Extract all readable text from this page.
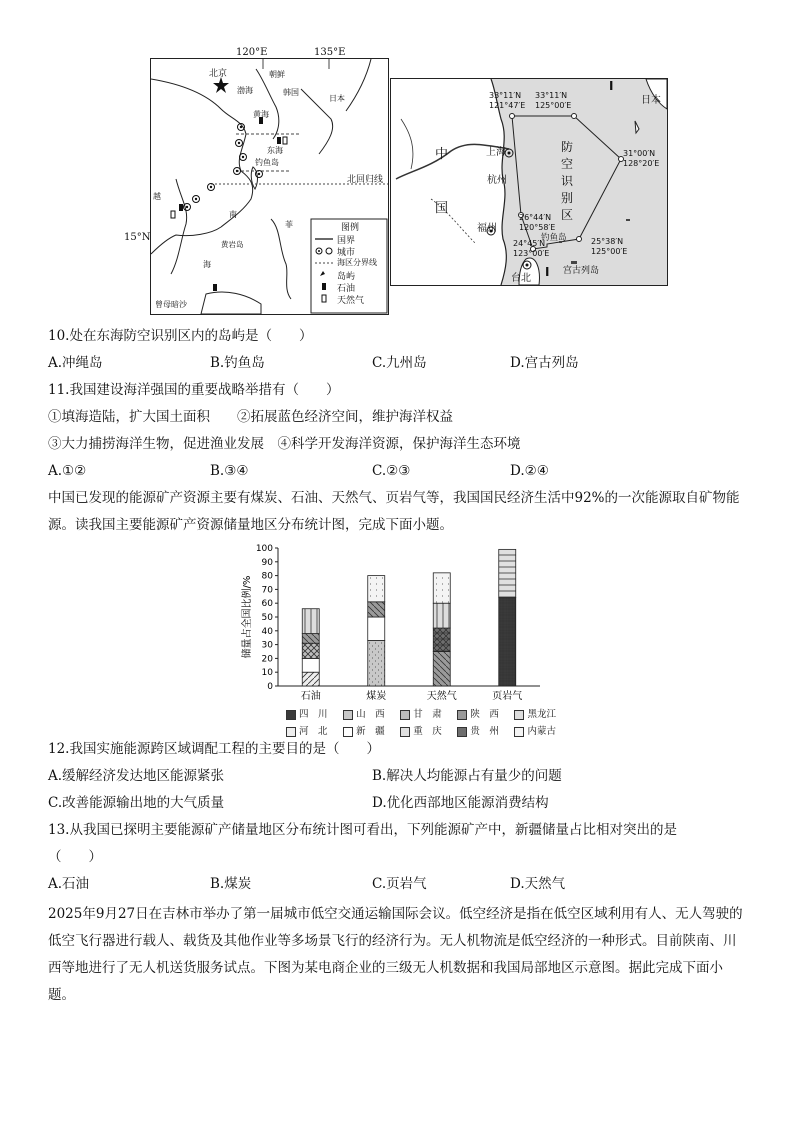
北京
北回归线
朝鲜
韩国
日本
黄海
东海
钓鱼岛
渤海
越
南
菲
黄岩岛
海
曾母暗沙
图例
国界
城市
海区分界线
岛屿
石油
天然气
120°E	135°E
15°N
中
国
上海
杭州
福州
台北
日本
防空识别区
钓鱼岛
宫古列岛
I
I
33°11′N 121°47′E
33°11′N 125°00′E
31°00′N 128°20′E
26°44′N 120°58′E
25°38′N 125°00′E
24°45′N 123°00′E
10.处在东海防空识别区内的岛屿是（　　）
A.冲绳岛	B.钓鱼岛	C.九州岛	D.宫古列岛
11.我国建设海洋强国的重要战略举措有（　　）
①填海造陆，扩大国土面积　　②拓展蓝色经济空间，维护海洋权益
③大力捕捞海洋生物，促进渔业发展　④科学开发海洋资源，保护海洋生态环境
A.①②	B.③④	C.②③	D.②④
中国已发现的能源矿产资源主要有煤炭、石油、天然气、页岩气等，我国国民经济生活中92%的一次能源取自矿物能源。读我国主要能源矿产资源储量地区分布统计图，完成下面小题。
0
10
20
30
40
50
60
70
80
90
100
储量占全国比例/%
石油	煤炭	天然气	页岩气
四　川	山　西	甘　肃	陕　西	黑龙江
河　北	新　疆	重　庆	贵　州	内蒙古
12.我国实施能源跨区域调配工程的主要目的是（　　）
A.缓解经济发达地区能源紧张	B.解决人均能源占有量少的问题
C.改善能源输出地的大气质量	D.优化西部地区能源消费结构
13.从我国已探明主要能源矿产储量地区分布统计图可看出，下列能源矿产中，新疆储量占比相对突出的是
（　　）
A.石油	B.煤炭	C.页岩气	D.天然气
2025年9月27日在吉林市举办了第一届城市低空交通运输国际会议。低空经济是指在低空区域利用有人、无人驾驶的低空飞行器进行载人、载货及其他作业等多场景飞行的经济行为。无人机物流是低空经济的一种形式。目前陕南、川西等地进行了无人机送货服务试点。下图为某电商企业的三级无人机数据和我国局部地区示意图。据此完成下面小题。
